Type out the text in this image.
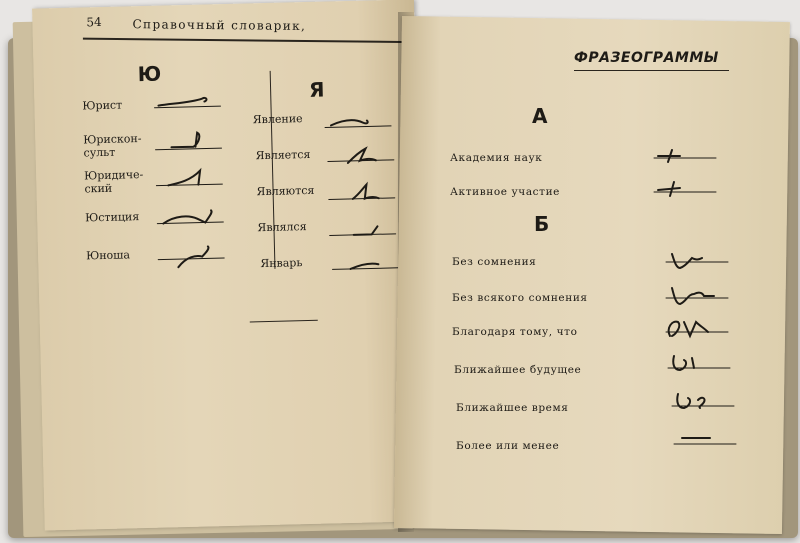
54	Справочный словарик,
Ю
Я
Юрист
Юрискон-
сульт
Юридиче-
ский
Юстиция
Юноша
Явление
Является
Являются
Являлся
Январь
ФРАЗЕОГРАММЫ
А
Академия наук
Активное участие
Б
Без сомнения
Без всякого сомнения
Благодаря тому, что
Ближайшее будущее
Ближайшее время
Более или менее
